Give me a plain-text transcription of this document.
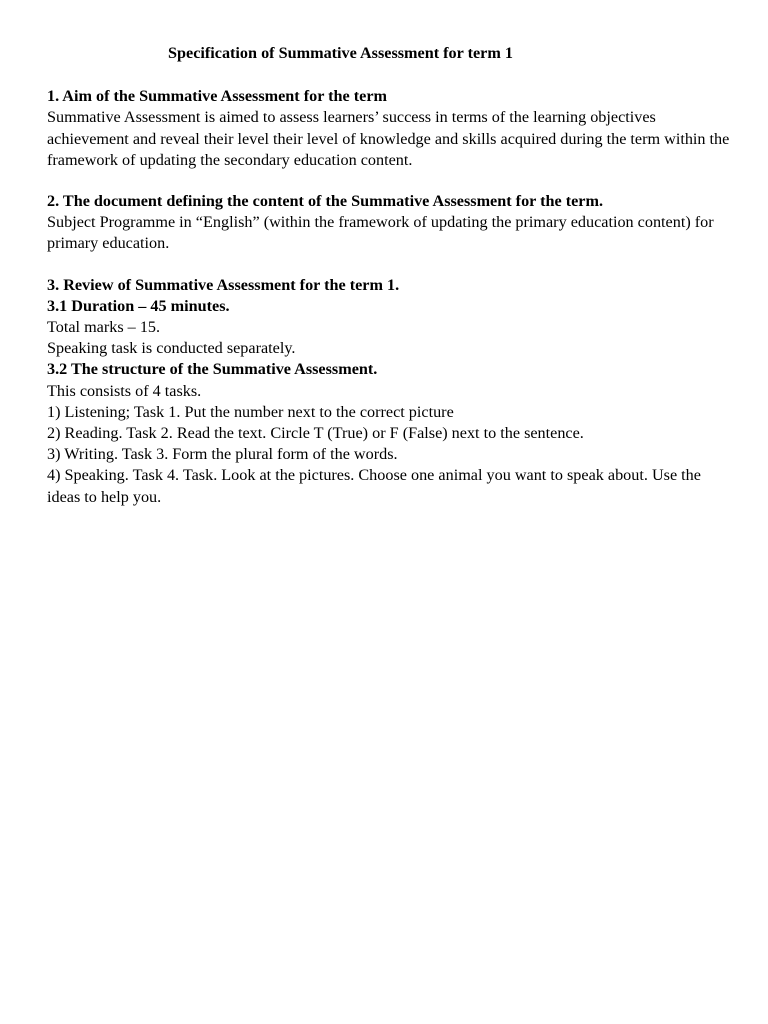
Specification of Summative Assessment for term 1
1. Aim of the Summative Assessment for the term
Summative Assessment is aimed to assess learners’ success in terms of the learning objectives achievement and reveal their level their level of knowledge and skills acquired during the term within the framework of updating the secondary education content.
2. The document defining the content of the Summative Assessment for the term.
Subject Programme in “English” (within the framework of updating the primary education content) for primary education.
3. Review of Summative Assessment for the term 1.
3.1 Duration – 45 minutes.
Total marks – 15.
Speaking task is conducted separately.
3.2 The structure of the Summative Assessment.
This consists of 4 tasks.
1) Listening; Task 1. Put the number next to the correct picture
2) Reading. Task 2. Read the text. Circle T (True) or F (False) next to the sentence.
3) Writing. Task 3. Form the plural form of the words.
4) Speaking. Task 4. Task. Look at the pictures. Choose one animal you want to speak about. Use the ideas to help you.
